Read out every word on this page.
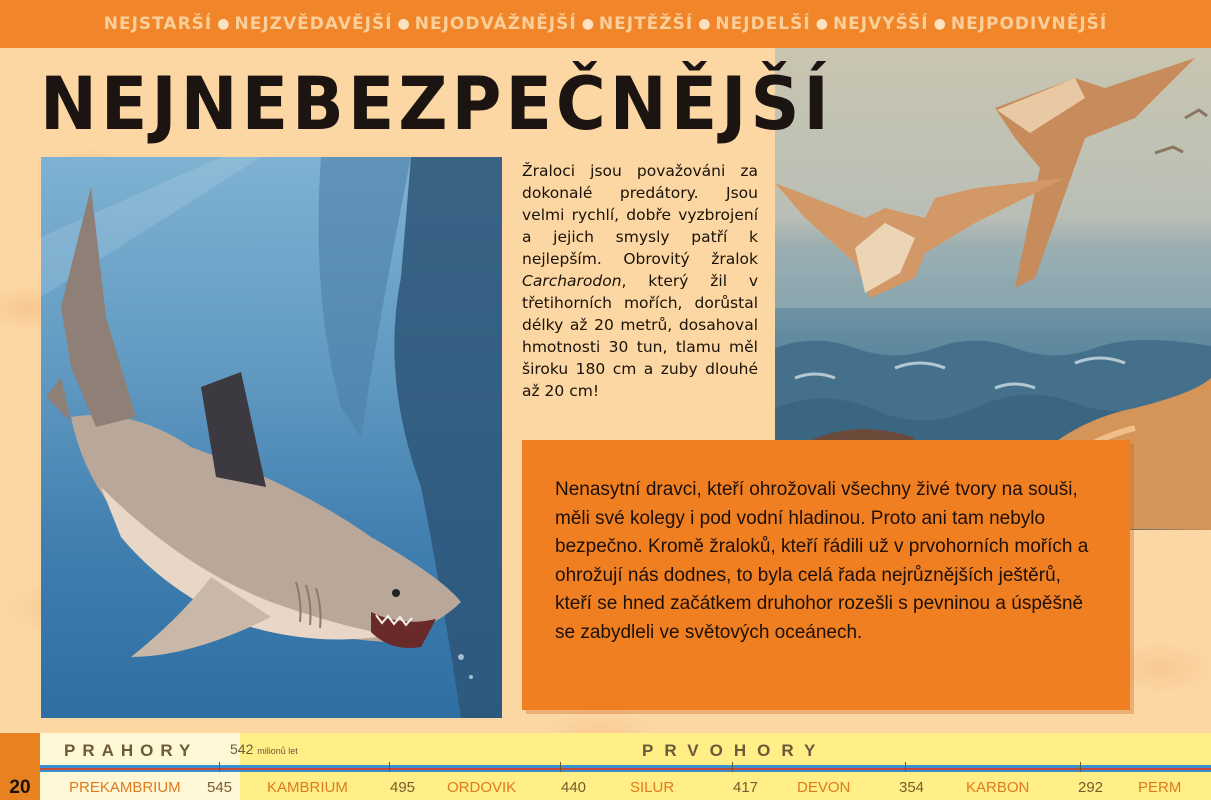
NEJSTARŠÍ ● NEJZVĚDAVĚJŠÍ ● NEJODVÁŽNĚJŠÍ ● NEJTĚŽŠÍ ● NEJDELŠÍ ● NEJVYŠŠÍ ● NEJPODIVNĚJŠÍ
NEJNEBEZPEČNĚJŠÍ

Žraloci jsou považováni za dokonalé predátory. Jsou velmi rychlí, dobře vyzbrojení a jejich smysly patří k nejlepším. Obrovitý žralok Carcharodon, který žil v třetihorních mořích, dorůstal délky až 20 metrů, dosahoval hmotnosti 30 tun, tlamu měl široku 180 cm a zuby dlouhé až 20 cm!

Nenasytní dravci, kteří ohrožovali všechny živé tvory na souši, měli své kolegy i pod vodní hladinou. Proto ani tam nebylo bezpečno. Kromě žraloků, kteří řádili už v prvohorních mořích a ohrožují nás dodnes, to byla celá řada nejrůznějších ještěrů, kteří se hned začátkem druhohor rozešli s pevninou a úspěšně se zabydleli ve světových oceánech.

20
PRAHORY 542 milionů let	PRVOHORY
PREKAMBRIUM 545 KAMBRIUM	495 ORDOVIK	440	SILUR	417	DEVON	354	KARBON	292 PERM
